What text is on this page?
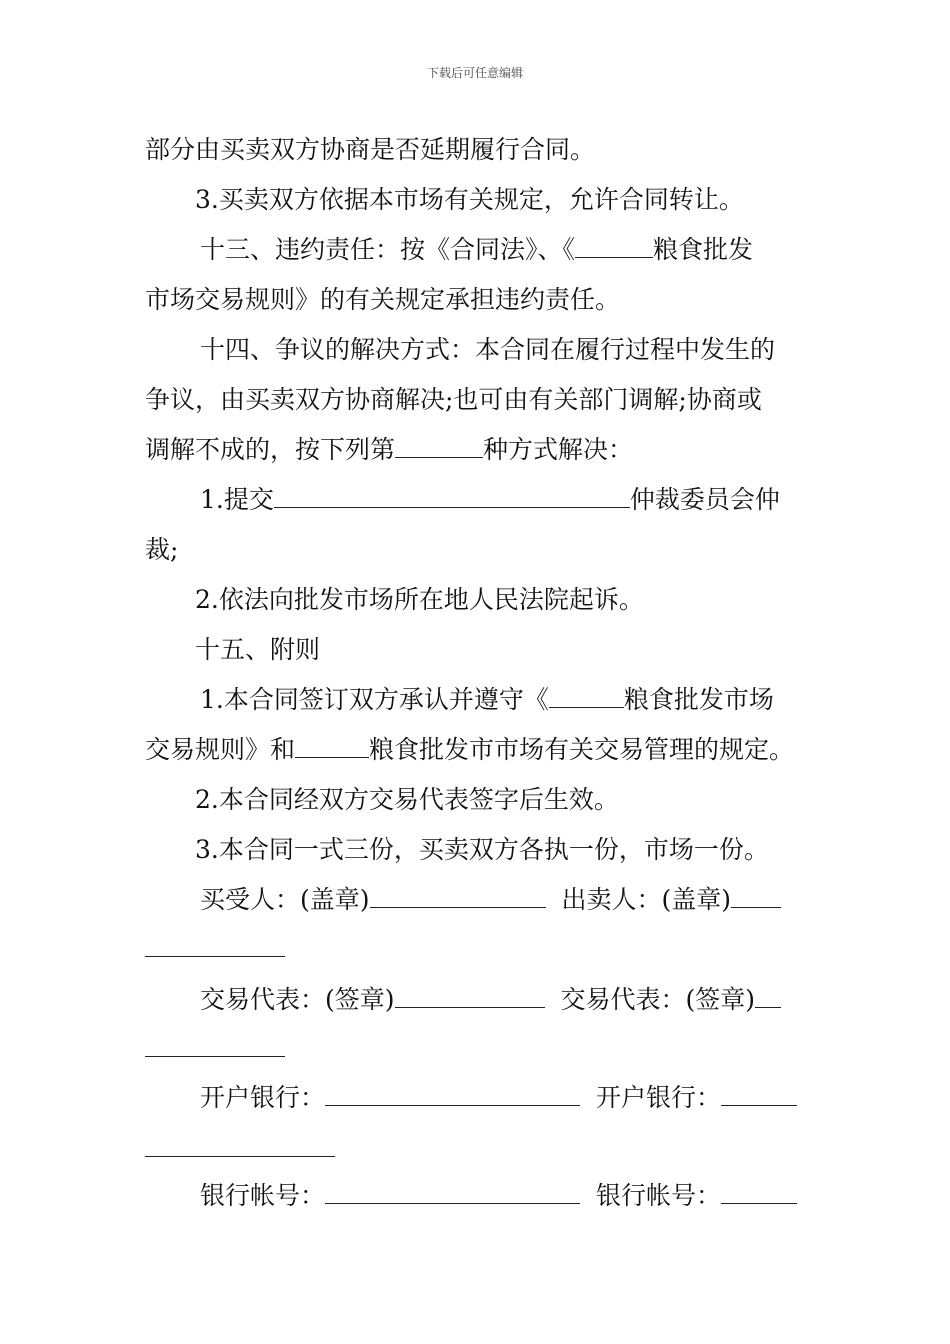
下载后可任意编辑
部分由买卖双方协商是否延期履行合同。
3.买卖双方依据本市场有关规定，允许合同转让。
十三、违约责任：按《合同法》、《	粮食批发
市场交易规则》的有关规定承担违约责任。
十四、争议的解决方式：本合同在履行过程中发生的
争议，由买卖双方协商解决;也可由有关部门调解;协商或
调解不成的，按下列第	种方式解决：
1.提交	仲裁委员会仲
裁;
2.依法向批发市场所在地人民法院起诉。
十五、附则
1.本合同签订双方承认并遵守《	粮食批发市场
交易规则》和	粮食批发市市场有关交易管理的规定。
2.本合同经双方交易代表签字后生效。
3.本合同一式三份，买卖双方各执一份，市场一份。
买受人：(盖章)	出卖人：(盖章)
交易代表：(签章)	交易代表：(签章)
开户银行：	开户银行：
银行帐号：	银行帐号：
